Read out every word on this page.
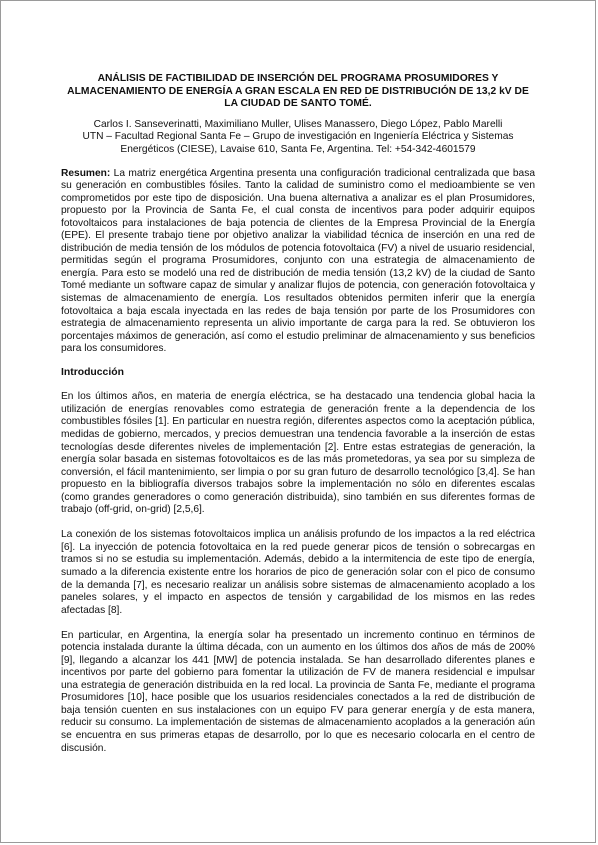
ANÁLISIS DE FACTIBILIDAD DE INSERCIÓN DEL PROGRAMA PROSUMIDORES Y ALMACENAMIENTO DE ENERGÍA A GRAN ESCALA EN RED DE DISTRIBUCIÓN DE 13,2 kV DE LA CIUDAD DE SANTO TOMÉ.

Carlos I. Sanseverinatti, Maximiliano Muller, Ulises Manassero, Diego López, Pablo Marelli

UTN – Facultad Regional Santa Fe – Grupo de investigación en Ingeniería Eléctrica y Sistemas Energéticos (CIESE), Lavaise 610, Santa Fe, Argentina. Tel: +54-342-4601579

Resumen: La matriz energética Argentina presenta una configuración tradicional centralizada que basa su generación en combustibles fósiles. Tanto la calidad de suministro como el medioambiente se ven comprometidos por este tipo de disposición. Una buena alternativa a analizar es el plan Prosumidores, propuesto por la Provincia de Santa Fe, el cual consta de incentivos para poder adquirir equipos fotovoltaicos para instalaciones de baja potencia de clientes de la Empresa Provincial de la Energía (EPE). El presente trabajo tiene por objetivo analizar la viabilidad técnica de inserción en una red de distribución de media tensión de los módulos de potencia fotovoltaica (FV) a nivel de usuario residencial, permitidas según el programa Prosumidores, conjunto con una estrategia de almacenamiento de energía. Para esto se modeló una red de distribución de media tensión (13,2 kV) de la ciudad de Santo Tomé mediante un software capaz de simular y analizar flujos de potencia, con generación fotovoltaica y sistemas de almacenamiento de energía. Los resultados obtenidos permiten inferir que la energía fotovoltaica a baja escala inyectada en las redes de baja tensión por parte de los Prosumidores con estrategia de almacenamiento representa un alivio importante de carga para la red. Se obtuvieron los porcentajes máximos de generación, así como el estudio preliminar de almacenamiento y sus beneficios para los consumidores.

Introducción

En los últimos años, en materia de energía eléctrica, se ha destacado una tendencia global hacia la utilización de energías renovables como estrategia de generación frente a la dependencia de los combustibles fósiles [1]. En particular en nuestra región, diferentes aspectos como la aceptación pública, medidas de gobierno, mercados, y precios demuestran una tendencia favorable a la inserción de estas tecnologías desde diferentes niveles de implementación [2]. Entre estas estrategias de generación, la energía solar basada en sistemas fotovoltaicos es de las más prometedoras, ya sea por su simpleza de conversión, el fácil mantenimiento, ser limpia o por su gran futuro de desarrollo tecnológico [3,4]. Se han propuesto en la bibliografía diversos trabajos sobre la implementación no sólo en diferentes escalas (como grandes generadores o como generación distribuida), sino también en sus diferentes formas de trabajo (off-grid, on-grid) [2,5,6].

La conexión de los sistemas fotovoltaicos implica un análisis profundo de los impactos a la red eléctrica [6]. La inyección de potencia fotovoltaica en la red puede generar picos de tensión o sobrecargas en tramos si no se estudia su implementación. Además, debido a la intermitencia de este tipo de energía, sumado a la diferencia existente entre los horarios de pico de generación solar con el pico de consumo de la demanda [7], es necesario realizar un análisis sobre sistemas de almacenamiento acoplado a los paneles solares, y el impacto en aspectos de tensión y cargabilidad de los mismos en las redes afectadas [8].

En particular, en Argentina, la energía solar ha presentado un incremento continuo en términos de potencia instalada durante la última década, con un aumento en los últimos dos años de más de 200% [9], llegando a alcanzar los 441 [MW] de potencia instalada. Se han desarrollado diferentes planes e incentivos por parte del gobierno para fomentar la utilización de FV de manera residencial e impulsar una estrategia de generación distribuida en la red local. La provincia de Santa Fe, mediante el programa Prosumidores [10], hace posible que los usuarios residenciales conectados a la red de distribución de baja tensión cuenten en sus instalaciones con un equipo FV para generar energía y de esta manera, reducir su consumo. La implementación de sistemas de almacenamiento acoplados a la generación aún se encuentra en sus primeras etapas de desarrollo, por lo que es necesario colocarla en el centro de discusión.
